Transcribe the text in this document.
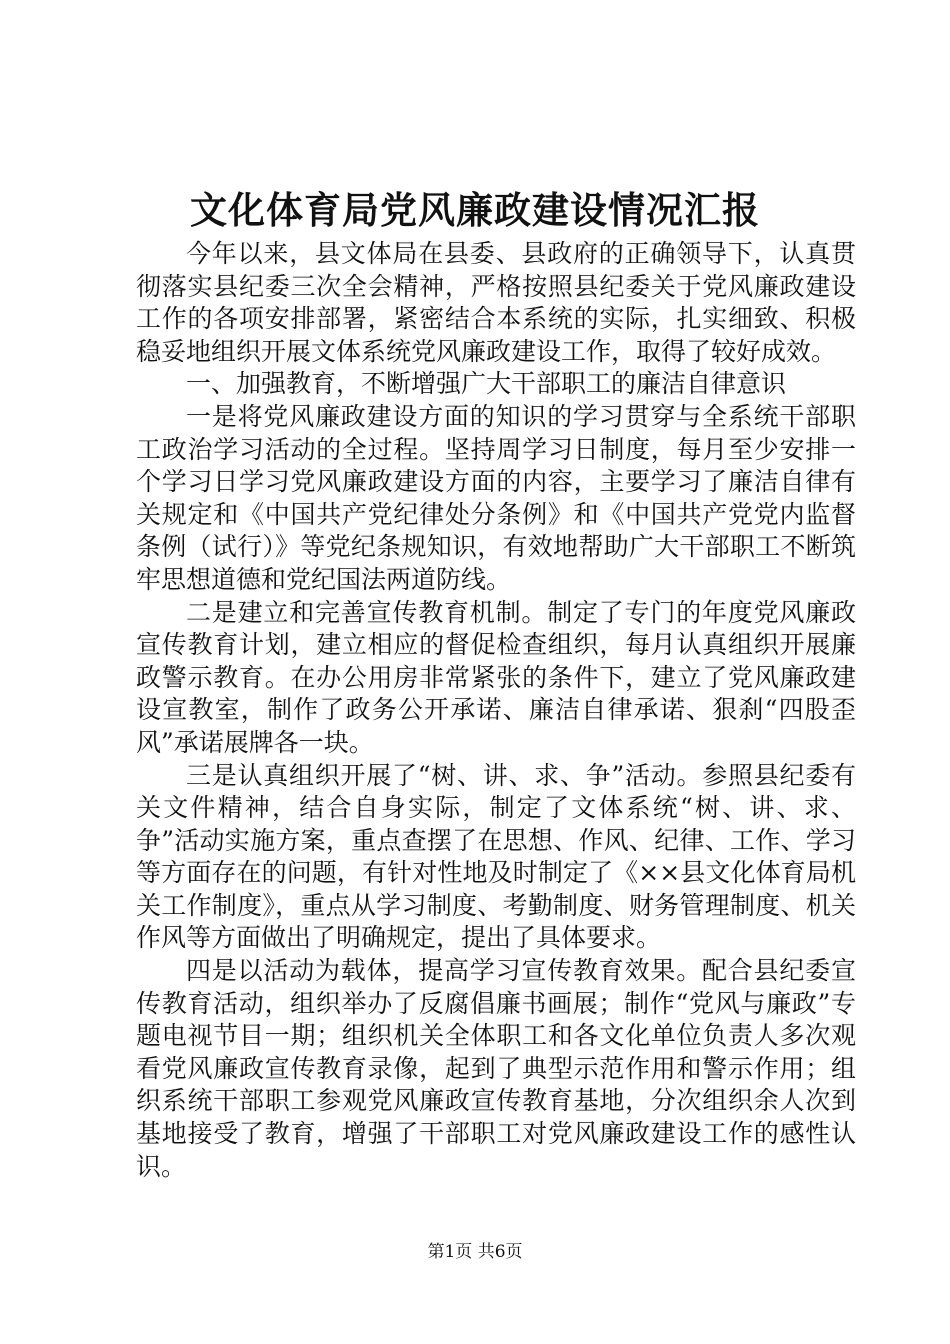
文化体育局党风廉政建设情况汇报

今年以来，县文体局在县委、县政府的正确领导下，认真贯彻落实县纪委三次全会精神，严格按照县纪委关于党风廉政建设工作的各项安排部署，紧密结合本系统的实际，扎实细致、积极稳妥地组织开展文体系统党风廉政建设工作，取得了较好成效。

一、加强教育，不断增强广大干部职工的廉洁自律意识

一是将党风廉政建设方面的知识的学习贯穿与全系统干部职工政治学习活动的全过程。坚持周学习日制度，每月至少安排一个学习日学习党风廉政建设方面的内容，主要学习了廉洁自律有关规定和《中国共产党纪律处分条例》和《中国共产党党内监督条例（试行）》等党纪条规知识，有效地帮助广大干部职工不断筑牢思想道德和党纪国法两道防线。

二是建立和完善宣传教育机制。制定了专门的年度党风廉政宣传教育计划，建立相应的督促检查组织，每月认真组织开展廉政警示教育。在办公用房非常紧张的条件下，建立了党风廉政建设宣教室，制作了政务公开承诺、廉洁自律承诺、狠刹“四股歪风”承诺展牌各一块。

三是认真组织开展了“树、讲、求、争”活动。参照县纪委有关文件精神，结合自身实际，制定了文体系统“树、讲、求、争”活动实施方案，重点查摆了在思想、作风、纪律、工作、学习等方面存在的问题，有针对性地及时制定了《××县文化体育局机关工作制度》，重点从学习制度、考勤制度、财务管理制度、机关作风等方面做出了明确规定，提出了具体要求。

四是以活动为载体，提高学习宣传教育效果。配合县纪委宣传教育活动，组织举办了反腐倡廉书画展；制作“党风与廉政”专题电视节目一期；组织机关全体职工和各文化单位负责人多次观看党风廉政宣传教育录像，起到了典型示范作用和警示作用；组织系统干部职工参观党风廉政宣传教育基地，分次组织余人次到基地接受了教育，增强了干部职工对党风廉政建设工作的感性认识。

第1页 共6页
